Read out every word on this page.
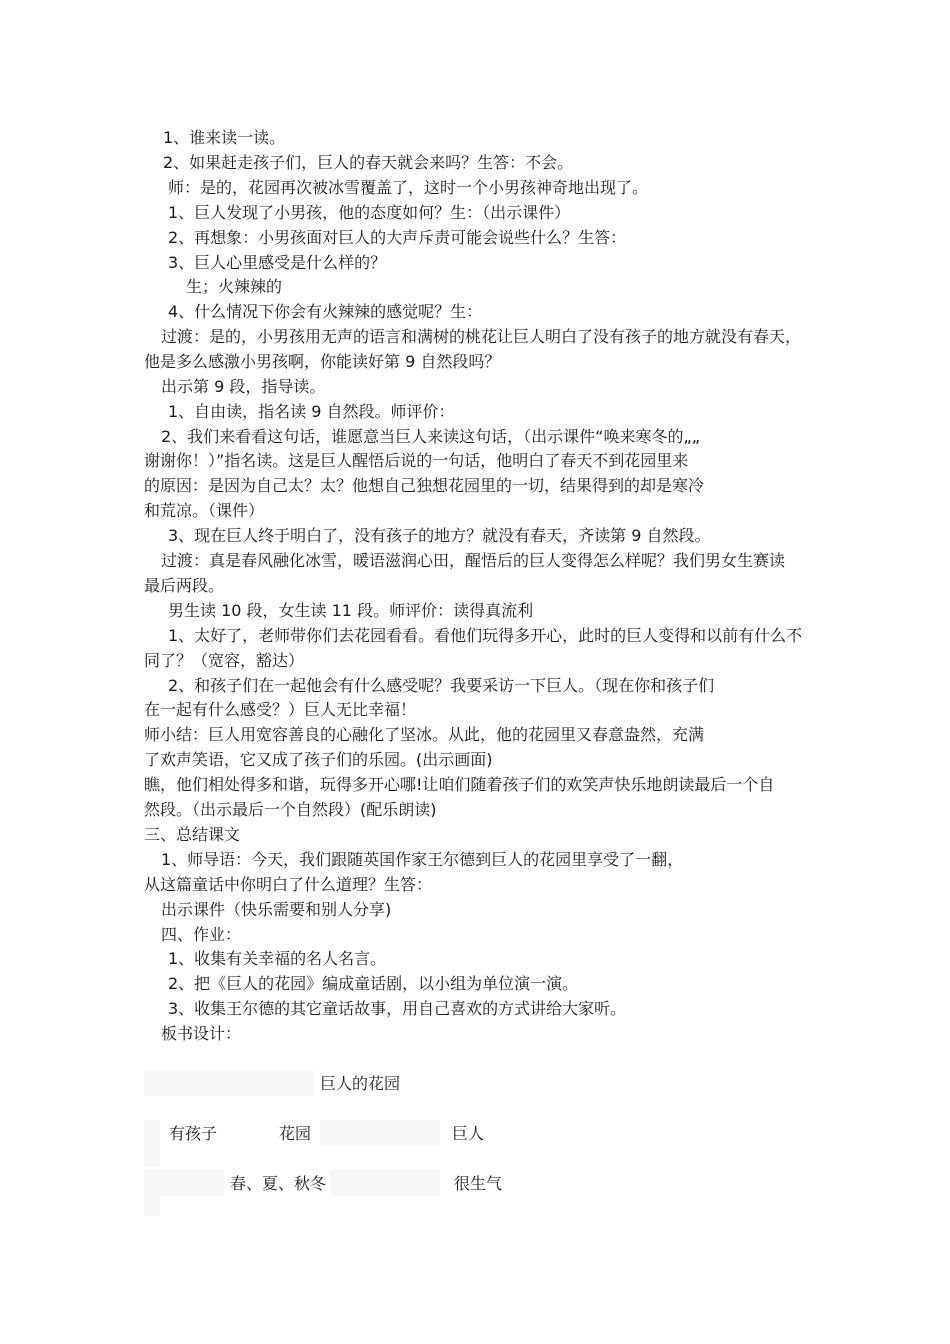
1、谁来读一读。
2、如果赶走孩子们，巨人的春天就会来吗？生答：不会。
师：是的，花园再次被冰雪覆盖了，这时一个小男孩神奇地出现了。
1、巨人发现了小男孩，他的态度如何？生：（出示课件）
2、再想象：小男孩面对巨人的大声斥责可能会说些什么？生答：
3、巨人心里感受是什么样的？
生；火辣辣的
4、什么情况下你会有火辣辣的感觉呢？生：
过渡：是的，小男孩用无声的语言和满树的桃花让巨人明白了没有孩子的地方就没有春天，
他是多么感激小男孩啊，你能读好第 9 自然段吗？
出示第 9 段，指导读。
1、自由读，指名读 9 自然段。师评价：
2、我们来看看这句话，谁愿意当巨人来读这句话，（出示课件“唤来寒冬的„„
谢谢你！）”指名读。这是巨人醒悟后说的一句话，他明白了春天不到花园里来
的原因：是因为自己太？太？他想自己独想花园里的一切，结果得到的却是寒冷
和荒凉。（课件）
3、现在巨人终于明白了，没有孩子的地方？就没有春天，齐读第 9 自然段。
过渡：真是春风融化冰雪，暖语滋润心田，醒悟后的巨人变得怎么样呢？我们男女生赛读
最后两段。
男生读 10 段，女生读 11 段。师评价：读得真流利
1、太好了，老师带你们去花园看看。看他们玩得多开心，此时的巨人变得和以前有什么不
同了？（宽容，豁达）
2、和孩子们在一起他会有什么感受呢？我要采访一下巨人。（现在你和孩子们
在一起有什么感受？）巨人无比幸福！
师小结：巨人用宽容善良的心融化了坚冰。从此，他的花园里又春意盎然，充满
了欢声笑语，它又成了孩子们的乐园。(出示画面)
瞧，他们相处得多和谐，玩得多开心哪!让咱们随着孩子们的欢笑声快乐地朗读最后一个自
然段。（出示最后一个自然段）(配乐朗读)
三、总结课文
1、师导语：今天，我们跟随英国作家王尔德到巨人的花园里享受了一翻，
从这篇童话中你明白了什么道理？生答：
出示课件（快乐需要和别人分享)
四、作业：
1、收集有关幸福的名人名言。
2、把《巨人的花园》编成童话剧，以小组为单位演一演。
3、收集王尔德的其它童话故事，用自己喜欢的方式讲给大家听。
板书设计：
巨人的花园
有孩子	花园	巨人
春、夏、秋冬	很生气
